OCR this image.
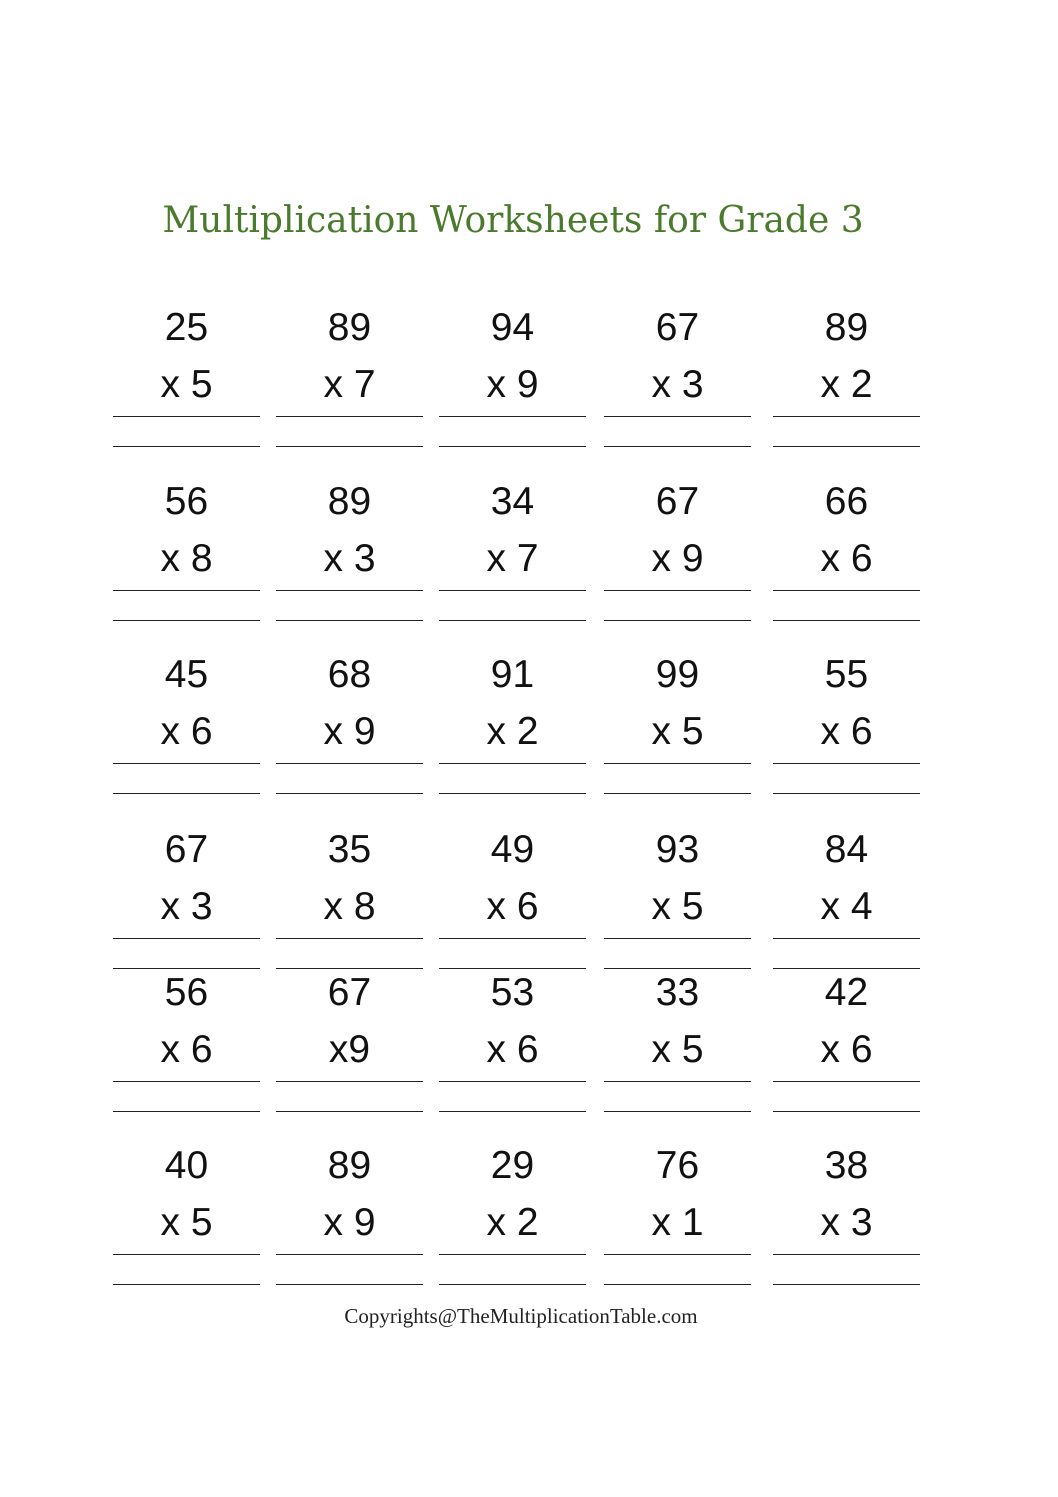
Multiplication Worksheets for Grade 3
25
x 5
89
x 7
94
x 9
67
x 3
89
x 2
56
x 8
89
x 3
34
x 7
67
x 9
66
x 6
45
x 6
68
x 9
91
x 2
99
x 5
55
x 6
67
x 3
35
x 8
49
x 6
93
x 5
84
x 4
56
x 6
67
x9
53
x 6
33
x 5
42
x 6
40
x 5
89
x 9
29
x 2
76
x 1
38
x 3
Copyrights@TheMultiplicationTable.com
